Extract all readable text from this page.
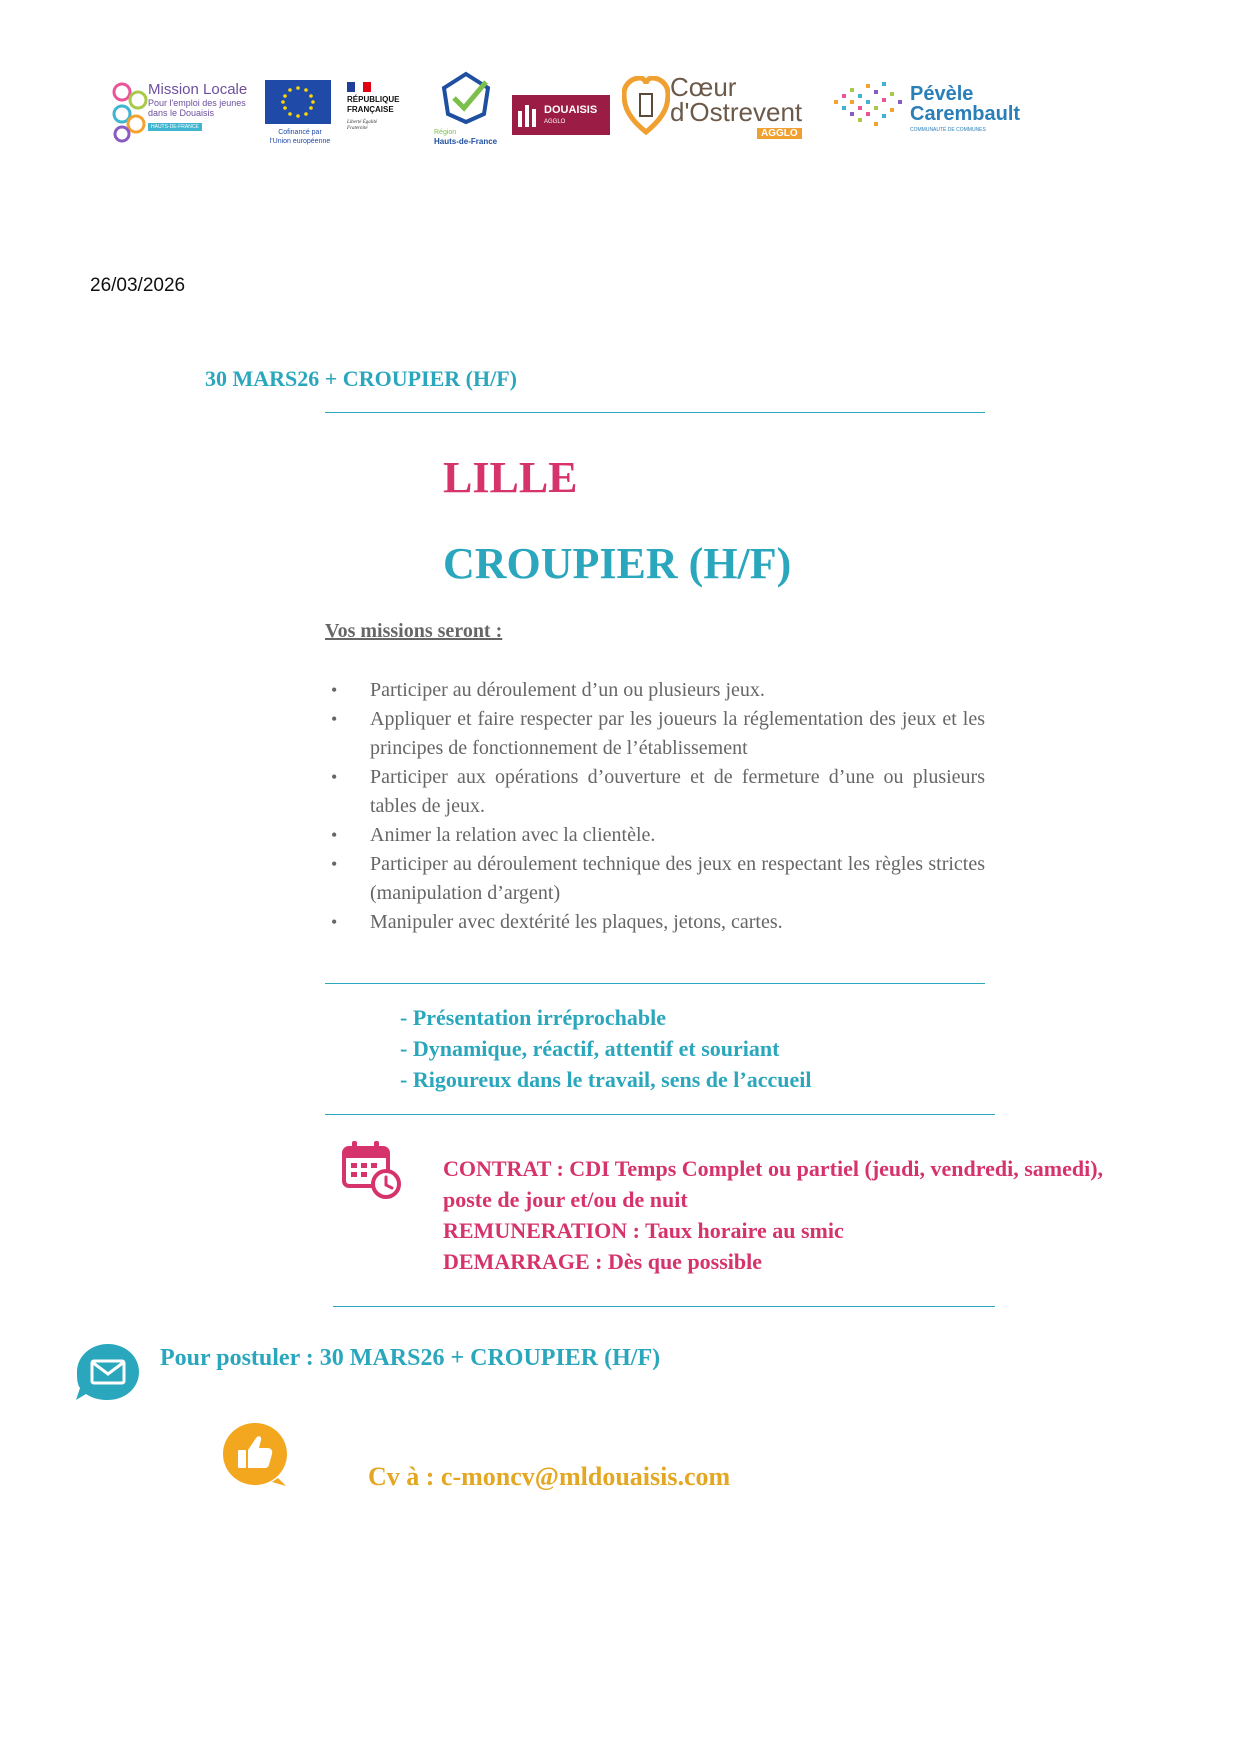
Mission Locale
Pour l'emploi des jeunes dans le Douaisis
HAUTS-DE-FRANCE
Cofinancé par
l'Union européenne
RÉPUBLIQUE
FRANÇAISE
Liberté Égalité Fraternité
Région
Hauts-de-France
DOUAISIS
AGGLO
Cœur
d'Ostrevent
AGGLO
Pévèle
Carembault
COMMUNAUTÉ DE COMMUNES
26/03/2026
30 MARS26 + CROUPIER (H/F)
LILLE
CROUPIER (H/F)
Vos missions seront :
• Participer au déroulement d’un ou plusieurs jeux.
• Appliquer et faire respecter par les joueurs la réglementation des jeux et les principes de fonctionnement de l’établissement
• Participer aux opérations d’ouverture et de fermeture d’une ou plusieurs tables de jeux.
• Animer la relation avec la clientèle.
• Participer au déroulement technique des jeux en respectant les règles strictes (manipulation d’argent)
• Manipuler avec dextérité les plaques, jetons, cartes.
- Présentation irréprochable
- Dynamique, réactif, attentif et souriant
- Rigoureux dans le travail, sens de l’accueil
CONTRAT : CDI Temps Complet ou partiel (jeudi, vendredi, samedi), poste de jour et/ou de nuit
REMUNERATION : Taux horaire au smic
DEMARRAGE : Dès que possible
Pour postuler : 30 MARS26 + CROUPIER (H/F)
Cv à : c-moncv@mldouaisis.com
